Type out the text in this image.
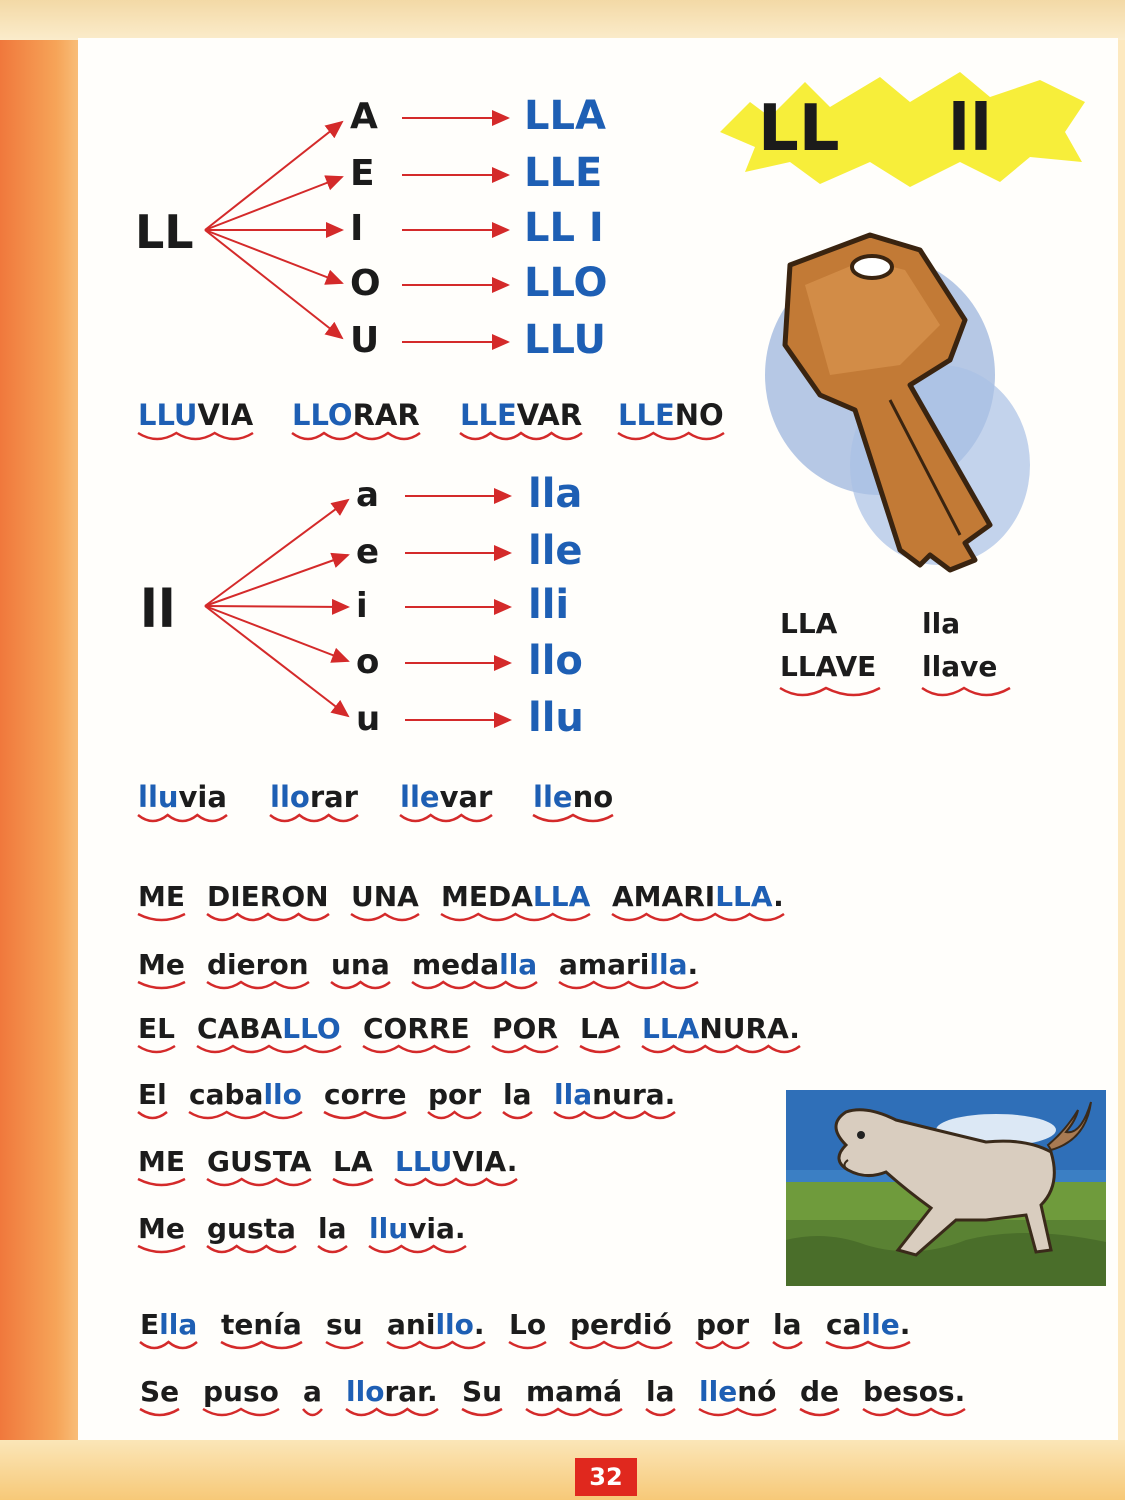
LL ll
LL
A
E
I
O
U
LLA
LLE
LL I
LLO
LLU
LLUVIA LLORAR LLEVAR LLENO
ll
a
e
i
o
u
lla
lle
lli
llo
llu
lluvia llorar llevar lleno
LLA	lla
LLAVE llave
ME DIERON UNA MEDALLA AMARILLA.
Me dieron una medalla amarilla.
EL CABALLO CORRE POR LA LLANURA.
El caballo corre por la llanura.
ME GUSTA LA LLUVIA.
Me gusta la lluvia.
Ella tenía su anillo. Lo perdió por la calle.
Se puso a llorar. Su mamá la llenó de besos.
32
